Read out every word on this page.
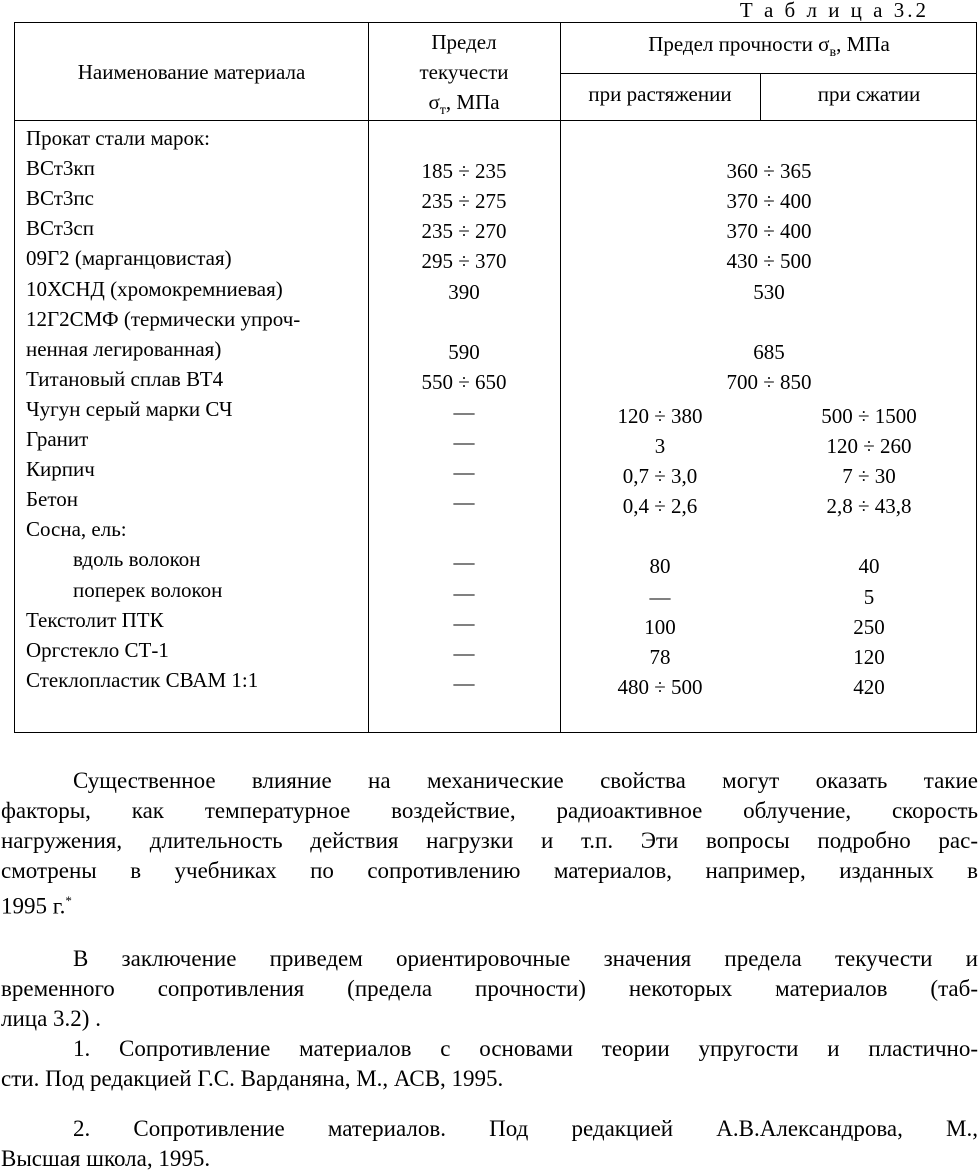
Т а б л и ц а 3.2
Наименование материала
Предел
текучести
$\sigma_т$, МПа
Предел прочности $\sigma_в$, МПа
при растяжении	при сжатии
Прокат стали марок:
ВСт3кп	185 ÷ 235	360 ÷ 365
ВСт3пс	235 ÷ 275	370 ÷ 400
ВСт3сп	235 ÷ 270	370 ÷ 400
09Г2 (марганцовистая)	295 ÷ 370	430 ÷ 500
10ХСНД (хромокремниевая)	390	530
12Г2СМФ (термически упроч-
ненная легированная)	590	685
Титановый сплав ВТ4	550 ÷ 650	700 ÷ 850
Чугун серый марки СЧ	—	120 ÷ 380	500 ÷ 1500
Гранит	—	3	120 ÷ 260
Кирпич	—	0,7 ÷ 3,0	7 ÷ 30
Бетон	—	0,4 ÷ 2,6	2,8 ÷ 43,8
Сосна, ель:
вдоль волокон	—	80	40
поперек волокон	—	—	5
Текстолит ПТК	—	100	250
Оргстекло СТ-1	—	78	120
Стеклопластик СВАМ 1:1	—	480 ÷ 500	420
Существенное влияние на механические свойства могут оказать такие
факторы, как температурное воздействие, радиоактивное облучение, скорость
нагружения, длительность действия нагрузки и т.п. Эти вопросы подробно рас-
смотрены в учебниках по сопротивлению материалов, например, изданных в
1995 г.*
В заключение приведем ориентировочные значения предела текучести и
временного сопротивления (предела прочности) некоторых материалов (таб-
лица 3.2) .
1. Сопротивление материалов с основами теории упругости и пластично-
сти. Под редакцией Г.С. Варданяна, М., АСВ, 1995.
2. Сопротивление материалов. Под редакцией А.В.Александрова, М.,
Высшая школа, 1995.
